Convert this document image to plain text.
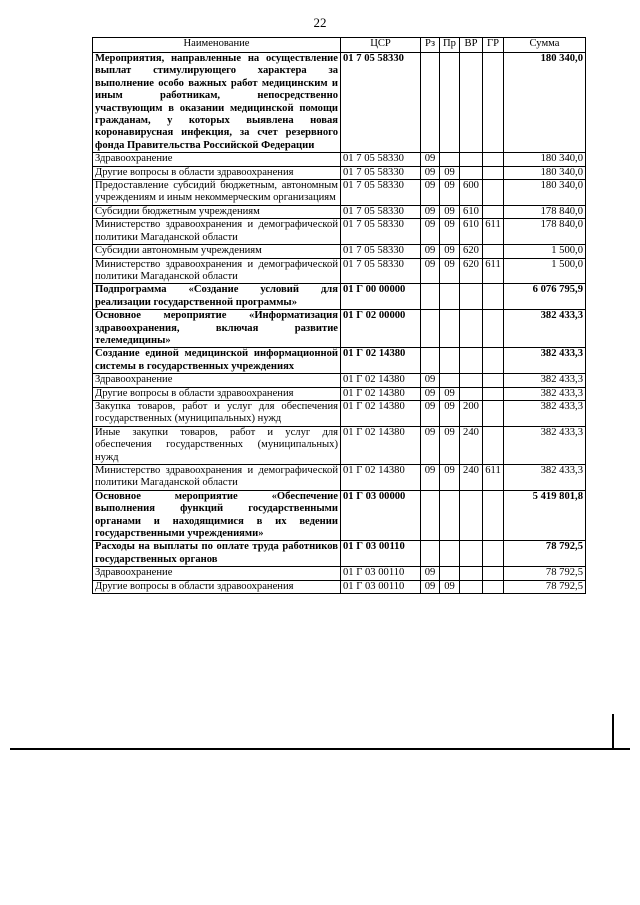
22
Наименование	ЦСР	Рз	Пр	ВР	ГР	Сумма
Мероприятия, направленные на осуществление выплат стимулирующего характера за выполнение особо важных работ медицинским и иным работникам, непосредственно участвующим в оказании медицинской помощи гражданам, у которых выявлена новая коронавирусная инфекция, за счет резервного фонда Правительства Российской Федерации	01 7 05 58330					180 340,0
Здравоохранение	01 7 05 58330	09				180 340,0
Другие вопросы в области здравоохранения	01 7 05 58330	09	09			180 340,0
Предоставление субсидий бюджетным, автономным учреждениям и иным некоммерческим организациям	01 7 05 58330	09	09	600		180 340,0
Субсидии бюджетным учреждениям	01 7 05 58330	09	09	610		178 840,0
Министерство здравоохранения и демографической политики Магаданской области	01 7 05 58330	09	09	610	611	178 840,0
Субсидии автономным учреждениям	01 7 05 58330	09	09	620		1 500,0
Министерство здравоохранения и демографической политики Магаданской области	01 7 05 58330	09	09	620	611	1 500,0
Подпрограмма «Создание условий для реализации государственной программы»	01 Г 00 00000					6 076 795,9
Основное мероприятие «Информатизация здравоохранения, включая развитие телемедицины»	01 Г 02 00000					382 433,3
Создание единой медицинской информационной системы в государственных учреждениях	01 Г 02 14380					382 433,3
Здравоохранение	01 Г 02 14380	09				382 433,3
Другие вопросы в области здравоохранения	01 Г 02 14380	09	09			382 433,3
Закупка товаров, работ и услуг для обеспечения государственных (муниципальных) нужд	01 Г 02 14380	09	09	200		382 433,3
Иные закупки товаров, работ и услуг для обеспечения государственных (муниципальных) нужд	01 Г 02 14380	09	09	240		382 433,3
Министерство здравоохранения и демографической политики Магаданской области	01 Г 02 14380	09	09	240	611	382 433,3
Основное мероприятие «Обеспечение выполнения функций государственными органами и находящимися в их ведении государственными учреждениями»	01 Г 03 00000					5 419 801,8
Расходы на выплаты по оплате труда работников государственных органов	01 Г 03 00110					78 792,5
Здравоохранение	01 Г 03 00110	09				78 792,5
Другие вопросы в области здравоохранения	01 Г 03 00110	09	09			78 792,5
